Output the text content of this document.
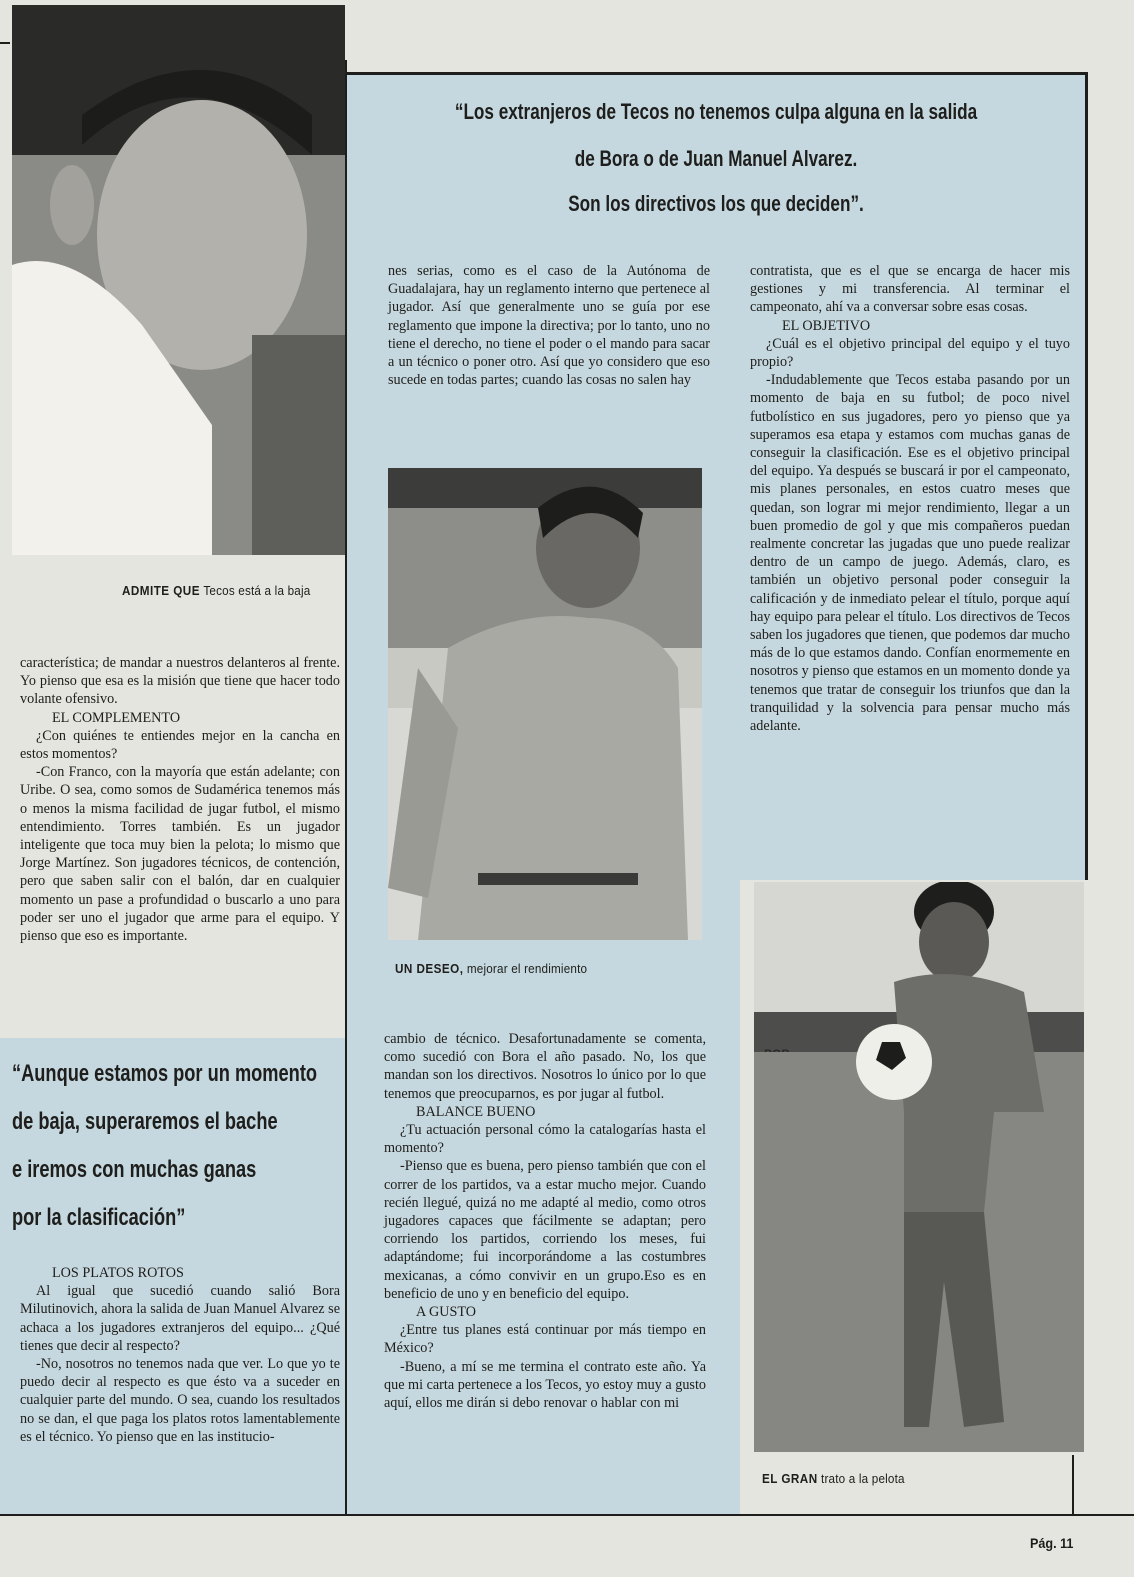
ADMITE QUE Tecos está a la baja
“Los extranjeros de Tecos no tenemos culpa alguna en la salida
de Bora o de Juan Manuel Alvarez.
Son los directivos los que deciden”.

característica; de mandar a nuestros delanteros al frente. Yo pienso que esa es la misión que tiene que hacer todo volante ofensivo.

EL COMPLEMENTO

¿Con quiénes te entiendes mejor en la cancha en estos momentos?

-Con Franco, con la mayoría que están adelante; con Uribe. O sea, como somos de Sudamérica tenemos más o menos la misma facilidad de jugar futbol, el mismo entendimiento. Torres también. Es un jugador inteligente que toca muy bien la pelota; lo mismo que Jorge Martínez. Son jugadores técnicos, de contención, pero que saben salir con el balón, dar en cualquier momento un pase a profundidad o buscarlo a uno para poder ser uno el jugador que arme para el equipo. Y pienso que eso es importante.

“Aunque estamos por un momento
de baja, superaremos el bache
e iremos con muchas ganas
por la clasificación”

LOS PLATOS ROTOS

Al igual que sucedió cuando salió Bora Milutinovich, ahora la salida de Juan Manuel Alvarez se achaca a los jugadores extranjeros del equipo... ¿Qué tienes que decir al respecto?

-No, nosotros no tenemos nada que ver. Lo que yo te puedo decir al respecto es que ésto va a suceder en cualquier parte del mundo. O sea, cuando los resultados no se dan, el que paga los platos rotos lamentablemente es el técnico. Yo pienso que en las institucio-

nes serias, como es el caso de la Autónoma de Guadalajara, hay un reglamento interno que pertenece al jugador. Así que generalmente uno se guía por ese reglamento que impone la directiva; por lo tanto, uno no tiene el derecho, no tiene el poder o el mando para sacar a un técnico o poner otro. Así que yo considero que eso sucede en todas partes; cuando las cosas no salen hay

UN DESEO, mejorar el rendimiento

cambio de técnico. Desafortunadamente se comenta, como sucedió con Bora el año pasado. No, los que mandan son los directivos. Nosotros lo único por lo que tenemos que preocuparnos, es por jugar al futbol.

BALANCE BUENO

¿Tu actuación personal cómo la catalogarías hasta el momento?

-Pienso que es buena, pero pienso también que con el correr de los partidos, va a estar mucho mejor. Cuando recién llegué, quizá no me adapté al medio, como otros jugadores capaces que fácilmente se adaptan; pero corriendo los partidos, corriendo los meses, fui adaptándome; fui incorporándome a las costumbres mexicanas, a cómo convivir en un grupo.Eso es en beneficio de uno y en beneficio del equipo.

A GUSTO

¿Entre tus planes está continuar por más tiempo en México?

-Bueno, a mí se me termina el contrato este año. Ya que mi carta pertenece a los Tecos, yo estoy muy a gusto aquí, ellos me dirán si debo renovar o hablar con mi

contratista, que es el que se encarga de hacer mis gestiones y mi transferencia. Al terminar el campeonato, ahí va a conversar sobre esas cosas.

EL OBJETIVO

¿Cuál es el objetivo principal del equipo y el tuyo propio?

-Indudablemente que Tecos estaba pasando por un momento de baja en su futbol; de poco nivel futbolístico en sus jugadores, pero yo pienso que ya superamos esa etapa y estamos com muchas ganas de conseguir la clasificación. Ese es el objetivo principal del equipo. Ya después se buscará ir por el campeonato, mis planes personales, en estos cuatro meses que quedan, son lograr mi mejor rendimiento, llegar a un buen promedio de gol y que mis compañeros puedan realmente concretar las jugadas que uno puede realizar dentro de un campo de juego. Además, claro, es también un objetivo personal poder conseguir la calificación y de inmediato pelear el título, porque aquí hay equipo para pelear el título. Los directivos de Tecos saben los jugadores que tienen, que podemos dar mucho más de lo que estamos dando. Confían enormemente en nosotros y pienso que estamos en un momento donde ya tenemos que tratar de conseguir los triunfos que dan la tranquilidad y la solvencia para pensar mucho más adelante.

EL GRAN trato a la pelota
Pág. 11
